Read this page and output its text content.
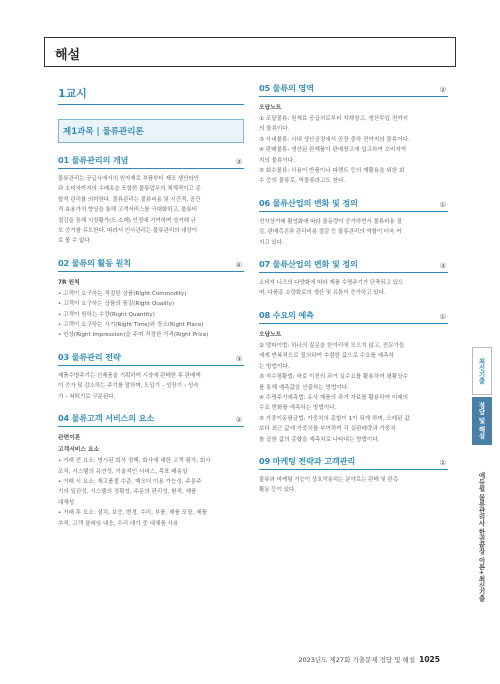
해설
1교시
제1과목 | 물류관리론
01 물류관리의 개념	③
물류관리는 공급사에서의 원자재로 부품부터 제조 생산라인
과 소비자까지의 수배송을 포함한 물류업무의 체계적이고 종
합적 관리를 의미한다. 물류관리는 물류비용 및 시간적, 공간
적 효용가치 향상을 통해 고객서비스를 극대화하고, 물류비
절감을 통해 시장활가(도·소매) 인정에 기여하며 상거래 규
모 증가를 유도한다. 따라서 인사관리는 물류관리의 대상이
로 볼 수 없다.
02 물류의 활동 원칙	④
7R 원칙
• 고객이 요구하는 적절한 상품(Right Commodity)
• 고객이 요구하는 상품의 품질(Right Quality)
• 고객이 원하는 수량(Right Quantity)
• 고객이 요구하는 시기(Right Time)와 장소(Right Place)
• 인상(Right Impression)을 주며 적정한 가격(Right Price)
03 물류관리 전략	③
제품수명주기는 신제품을 기획하여 시장에 판매한 후 판매액
이 증가 및 감소하는 주기를 말하며, 도입기 – 성장기 – 성숙
기 – 쇠퇴기로 구분된다.
04 물류고객 서비스의 요소	②
관련이론
고객서비스 요소
• 거래 전 요소: 명시된 회사 정책, 회사에 대한 고객 평가, 회사
조직, 시스템의 유연성, 기술적인 서비스, 목표 배송일
• 거래 시 요소: 재고품절 수준, 백오더 이용 가능성, 주문주
기의 일관성, 시스템의 정확성, 주문의 편리성, 환적, 제품
대체성
• 거래 후 요소: 설치, 보증, 변경, 수리, 부품, 제품 포장, 제품
추적, 고객 클레임 대응, 수리 대기 중 대체품 사용
05 물류의 영역	②
오답노트
① 조달물류: 원재료 공급처로부터 자재창고, 생산투입 전까지
의 물류이다.
③ 사내물류: 사내 생산공정에서 공장 출하 전까지의 물류이다.
④ 판매물류: 생산된 완제품이 판매창고에 입고하여 소비자까
지의 물류이다.
⑤ 회수물류: 사용이 반품이나 파렛트 등의 재활용을 위한 회
수 등의 물류로, 역물류라고도 한다.
06 물류산업의 변화 및 정의	①
전자상거래 활성화에 따라 물동량이 증가하면서 물류비용 절
감, 판매촉진과 관리비용 절감 등 물류관리의 역할이 더욱 커
지고 있다.
07 물류산업의 변화 및 정의	③
소비자 니즈의 다양화에 따라 제품 수명주기가 단축되고 있으
며, 다품종 소량화로의 생산 및 유통이 증가하고 있다.
08 수요의 예측	①
오답노트
② 델파이법: 하나의 질문을 한자리에 모으지 않고, 전문가들
에게 반복적으로 질의하여 수렴한 값으로 수요를 예측하
는 방법이다.
③ 지수평활법: 바로 이전의 과거 실수요를 활용하여 평활상수
를 통해 예측값을 산출하는 방법이다.
④ 수명주기예측법: 유사 제품의 과거 자료를 활용하여 미래의
수요 변화를 예측하는 방법이다.
⑤ 가중이동평균법: 가중치의 총합이 1이 되게 하며, 오래된 값
보다 최근 값에 가중치를 부여하여 각 실판매량과 가중치
를 곱한 값의 총합을 예측치로 나타내는 방법이다.
09 마케팅 전략과 고객관리	②
물류와 마케팅 기능이 상호작용하는 분야로는 판매 및 판촉
활동 등이 있다.
최신기출
정답 및 해설
에듀윌 물류관리사 한권끝장 이론+최신기출
2023년도 제27회 기출문제 정답 및 해설 1025
